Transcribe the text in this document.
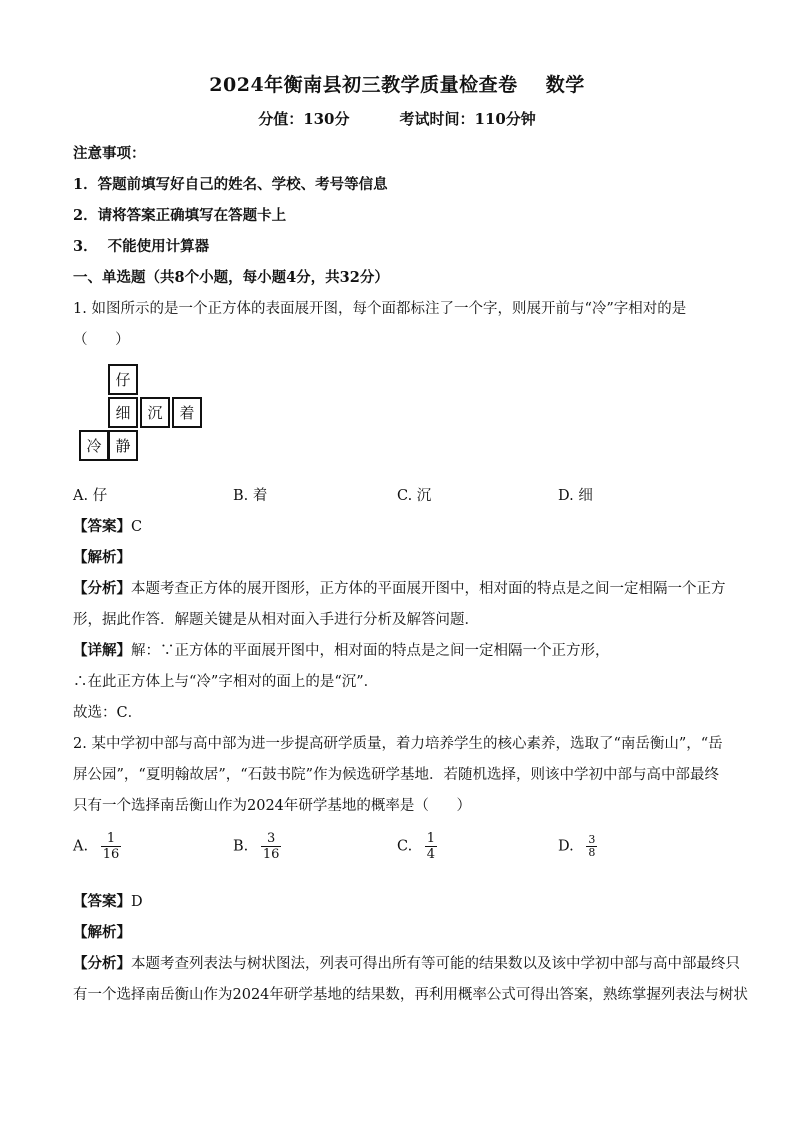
2024年衡南县初三教学质量检查卷 数学
分值：130分	考试时间：110分钟
注意事项：
1．答题前填写好自己的姓名、学校、考号等信息
2．请将答案正确填写在答题卡上
3．  不能使用计算器
一、单选题（共8个小题，每小题4分，共32分）
1. 如图所示的是一个正方体的表面展开图，每个面都标注了一个字，则展开前与“冷”字相对的是
（      ）
仔
细	沉	着
冷 静
A. 仔	B. 着	C. 沉	D. 细
【答案】C
【解析】
【分析】本题考查正方体的展开图形，正方体的平面展开图中，相对面的特点是之间一定相隔一个正方
形，据此作答．解题关键是从相对面入手进行分析及解答问题．
【详解】解：∵正方体的平面展开图中，相对面的特点是之间一定相隔一个正方形，
∴在此正方体上与“冷”字相对的面上的是“沉”．
故选：C．
2. 某中学初中部与高中部为进一步提高研学质量，着力培养学生的核心素养，选取了“南岳衡山”，“岳
屏公园”，“夏明翰故居”，“石鼓书院”作为候选研学基地．若随机选择，则该中学初中部与高中部最终
只有一个选择南岳衡山作为2024年研学基地的概率是（      ）
A. $\frac{1}{16}$	B. $\frac{3}{16}$	C. $\frac{1}{4}$	D. $\frac{3}{8}$
【答案】D
【解析】
【分析】本题考查列表法与树状图法，列表可得出所有等可能的结果数以及该中学初中部与高中部最终只
有一个选择南岳衡山作为2024年研学基地的结果数，再利用概率公式可得出答案，熟练掌握列表法与树状
